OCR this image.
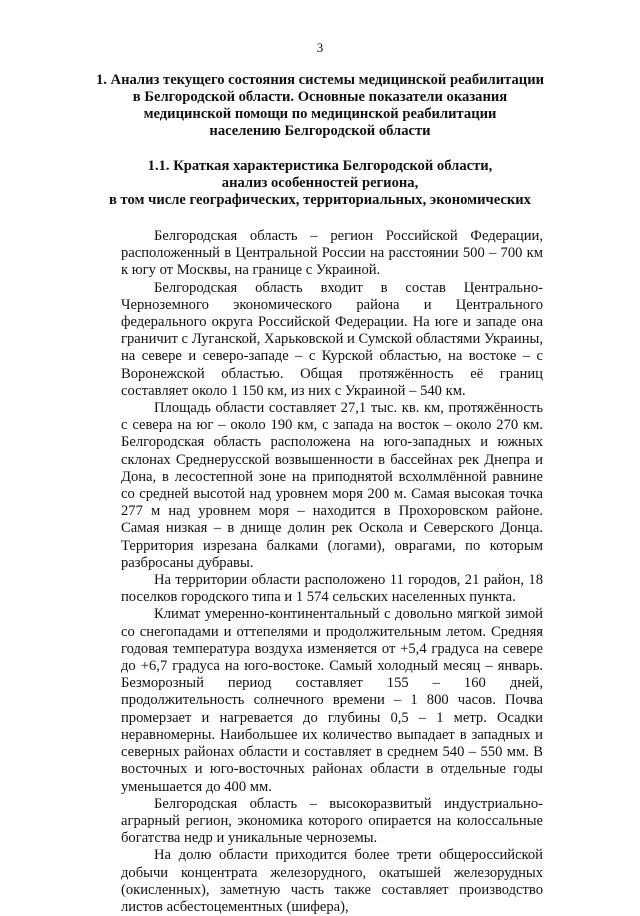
3
1. Анализ текущего состояния системы медицинской реабилитации
в Белгородской области. Основные показатели оказания
медицинской помощи по медицинской реабилитации
населению Белгородской области
1.1. Краткая характеристика Белгородской области,
анализ особенностей региона,
в том числе географических, территориальных, экономических

Белгородская область – регион Российской Федерации, расположенный в Центральной России на расстоянии 500 – 700 км к югу от Москвы, на границе с Украиной.

Белгородская область входит в состав Центрально-Черноземного экономического района и Центрального федерального округа Российской Федерации. На юге и западе она граничит с Луганской, Харьковской и Сумской областями Украины, на севере и северо-западе – с Курской областью, на востоке – с Воронежской областью. Общая протяжённость её границ составляет около 1 150 км, из них с Украиной – 540 км.

Площадь области составляет 27,1 тыс. кв. км, протяжённость с севера на юг – около 190 км, с запада на восток – около 270 км. Белгородская область расположена на юго-западных и южных склонах Среднерусской возвышенности в бассейнах рек Днепра и Дона, в лесостепной зоне на приподнятой всхолмлённой равнине со средней высотой над уровнем моря 200 м. Самая высокая точка 277 м над уровнем моря – находится в Прохоровском районе. Самая низкая – в днище долин рек Оскола и Северского Донца. Территория изрезана балками (логами), оврагами, по которым разбросаны дубравы.

На территории области расположено 11 городов, 21 район, 18 поселков городского типа и 1 574 сельских населенных пункта.

Климат умеренно-континентальный с довольно мягкой зимой со снегопадами и оттепелями и продолжительным летом. Средняя годовая температура воздуха изменяется от +5,4 градуса на севере до +6,7 градуса на юго-востоке. Самый холодный месяц – январь. Безморозный период составляет 155 – 160 дней, продолжительность солнечного времени – 1 800 часов. Почва промерзает и нагревается до глубины 0,5 – 1 метр. Осадки неравномерны. Наибольшее их количество выпадает в западных и северных районах области и составляет в среднем 540 – 550 мм. В восточных и юго-восточных районах области в отдельные годы уменьшается до 400 мм.

Белгородская область – высокоразвитый индустриально-аграрный регион, экономика которого опирается на колоссальные богатства недр и уникальные черноземы.

На долю области приходится более трети общероссийской добычи концентрата железорудного, окатышей железорудных (окисленных), заметную часть также составляет производство листов асбестоцементных (шифера),
